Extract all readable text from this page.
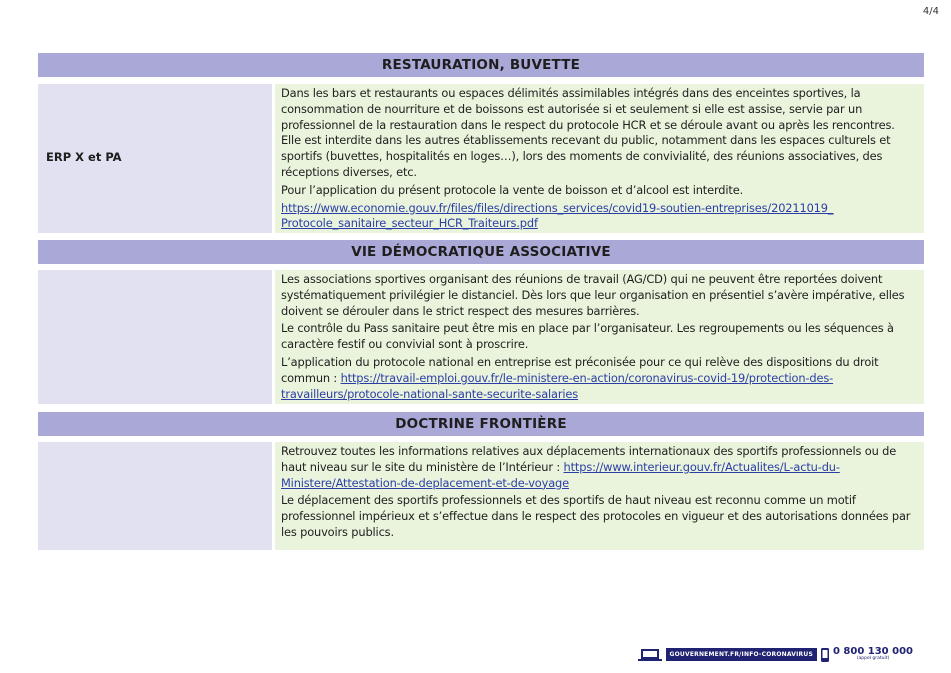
4/4
RESTAURATION, BUVETTE
ERP X et PA

Dans les bars et restaurants ou espaces délimités assimilables intégrés dans des enceintes sportives, la consommation de nourriture et de boissons est autorisée si et seulement si elle est assise, servie par un professionnel de la restauration dans le respect du protocole HCR et se déroule avant ou après les rencontres. Elle est interdite dans les autres établissements recevant du public, notamment dans les espaces culturels et sportifs (buvettes, hospitalités en loges…), lors des moments de convivialité, des réunions associatives, des réceptions diverses, etc.

Pour l’application du présent protocole la vente de boisson et d’alcool est interdite.

https://www.economie.gouv.fr/files/files/directions_services/covid19-soutien-entreprises/20211019_ Protocole_sanitaire_secteur_HCR_Traiteurs.pdf

VIE DÉMOCRATIQUE ASSOCIATIVE

Les associations sportives organisant des réunions de travail (AG/CD) qui ne peuvent être reportées doivent systématiquement privilégier le distanciel. Dès lors que leur organisation en présentiel s’avère impérative, elles doivent se dérouler dans le strict respect des mesures barrières.

Le contrôle du Pass sanitaire peut être mis en place par l’organisateur. Les regroupements ou les séquences à caractère festif ou convivial sont à proscrire.

L’application du protocole national en entreprise est préconisée pour ce qui relève des dispositions du droit commun : https://travail-emploi.gouv.fr/le-ministere-en-action/coronavirus-covid-19/protection-des-travailleurs/protocole-national-sante-securite-salaries

DOCTRINE FRONTIÈRE

Retrouvez toutes les informations relatives aux déplacements internationaux des sportifs professionnels ou de haut niveau sur le site du ministère de l’Intérieur : https://www.interieur.gouv.fr/Actualites/L-actu-du-Ministere/Attestation-de-deplacement-et-de-voyage

Le déplacement des sportifs professionnels et des sportifs de haut niveau est reconnu comme un motif professionnel impérieux et s’effectue dans le respect des protocoles en vigueur et des autorisations données par les pouvoirs publics.

GOUVERNEMENT.FR/INFO-CORONAVIRUS	0 800 130 000
(appel gratuit)
